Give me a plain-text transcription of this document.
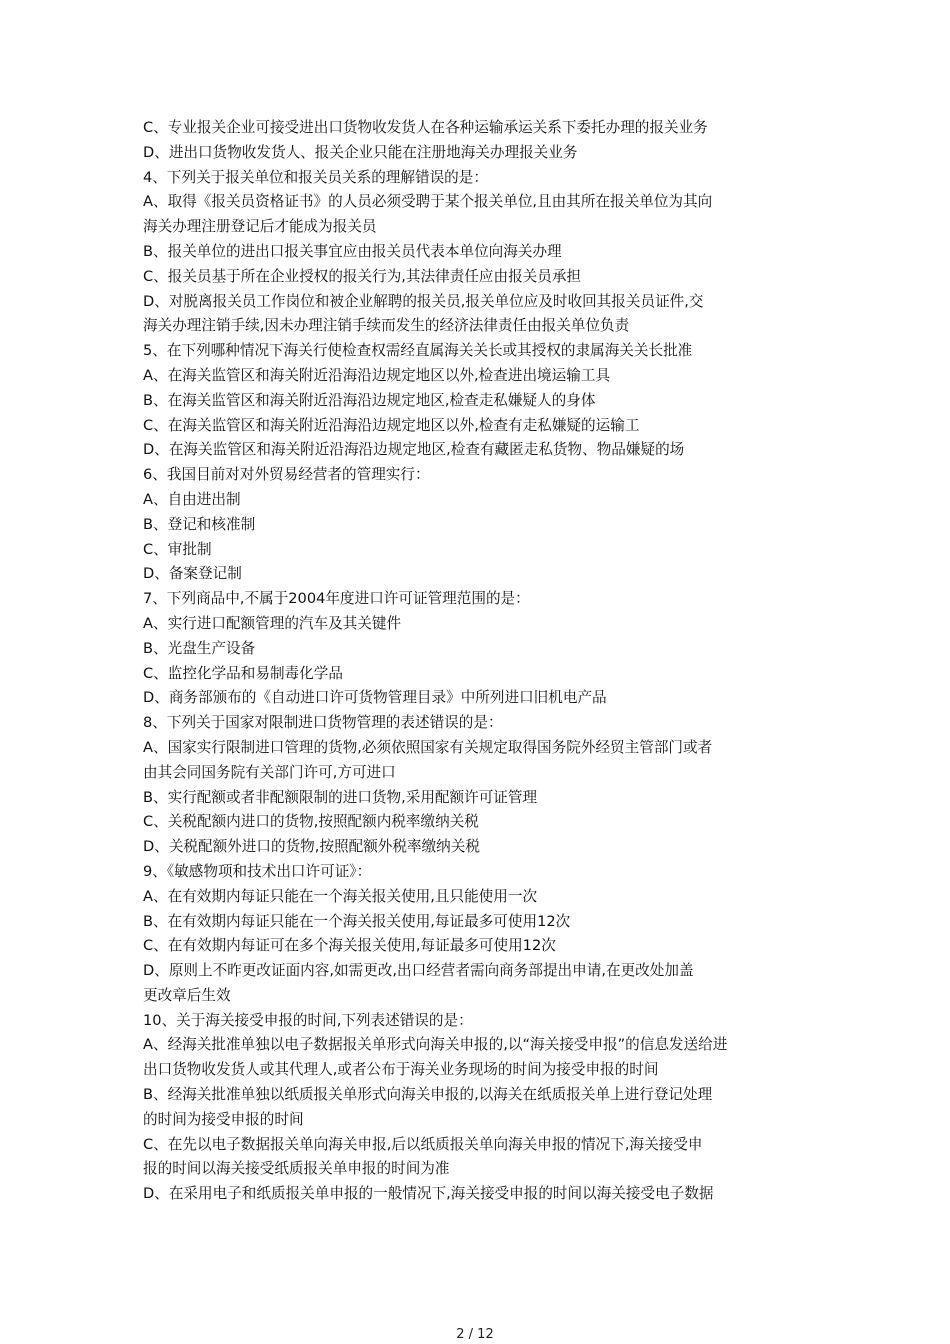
C、专业报关企业可接受进出口货物收发货人在各种运输承运关系下委托办理的报关业务
D、进出口货物收发货人、报关企业只能在注册地海关办理报关业务
4、下列关于报关单位和报关员关系的理解错误的是：
A、取得《报关员资格证书》的人员必须受聘于某个报关单位,且由其所在报关单位为其向
海关办理注册登记后才能成为报关员
B、报关单位的进出口报关事宜应由报关员代表本单位向海关办理
C、报关员基于所在企业授权的报关行为,其法律责任应由报关员承担
D、对脱离报关员工作岗位和被企业解聘的报关员,报关单位应及时收回其报关员证件,交
海关办理注销手续,因未办理注销手续而发生的经济法律责任由报关单位负责
5、在下列哪种情况下海关行使检查权需经直属海关关长或其授权的隶属海关关长批准
A、在海关监管区和海关附近沿海沿边规定地区以外,检查进出境运输工具
B、在海关监管区和海关附近沿海沿边规定地区,检查走私嫌疑人的身体
C、在海关监管区和海关附近沿海沿边规定地区以外,检查有走私嫌疑的运输工
D、在海关监管区和海关附近沿海沿边规定地区,检查有藏匿走私货物、物品嫌疑的场
6、我国目前对对外贸易经营者的管理实行：
A、自由进出制
B、登记和核准制
C、审批制
D、备案登记制
7、下列商品中,不属于2004年度进口许可证管理范围的是：
A、实行进口配额管理的汽车及其关键件
B、光盘生产设备
C、监控化学品和易制毒化学品
D、商务部颁布的《自动进口许可货物管理目录》中所列进口旧机电产品
8、下列关于国家对限制进口货物管理的表述错误的是：
A、国家实行限制进口管理的货物,必须依照国家有关规定取得国务院外经贸主管部门或者
由其会同国务院有关部门许可,方可进口
B、实行配额或者非配额限制的进口货物,采用配额许可证管理
C、关税配额内进口的货物,按照配额内税率缴纳关税
D、关税配额外进口的货物,按照配额外税率缴纳关税
9、《敏感物项和技术出口许可证》：
A、在有效期内每证只能在一个海关报关使用,且只能使用一次
B、在有效期内每证只能在一个海关报关使用,每证最多可使用12次
C、在有效期内每证可在多个海关报关使用,每证最多可使用12次
D、原则上不昨更改证面内容,如需更改,出口经营者需向商务部提出申请,在更改处加盖
更改章后生效
10、关于海关接受申报的时间,下列表述错误的是：
A、经海关批准单独以电子数据报关单形式向海关申报的,以“海关接受申报”的信息发送给进
出口货物收发货人或其代理人,或者公布于海关业务现场的时间为接受申报的时间
B、经海关批准单独以纸质报关单形式向海关申报的,以海关在纸质报关单上进行登记处理
的时间为接受申报的时间
C、在先以电子数据报关单向海关申报,后以纸质报关单向海关申报的情况下,海关接受申
报的时间以海关接受纸质报关单申报的时间为准
D、在采用电子和纸质报关单申报的一般情况下,海关接受申报的时间以海关接受电子数据
2 / 12
